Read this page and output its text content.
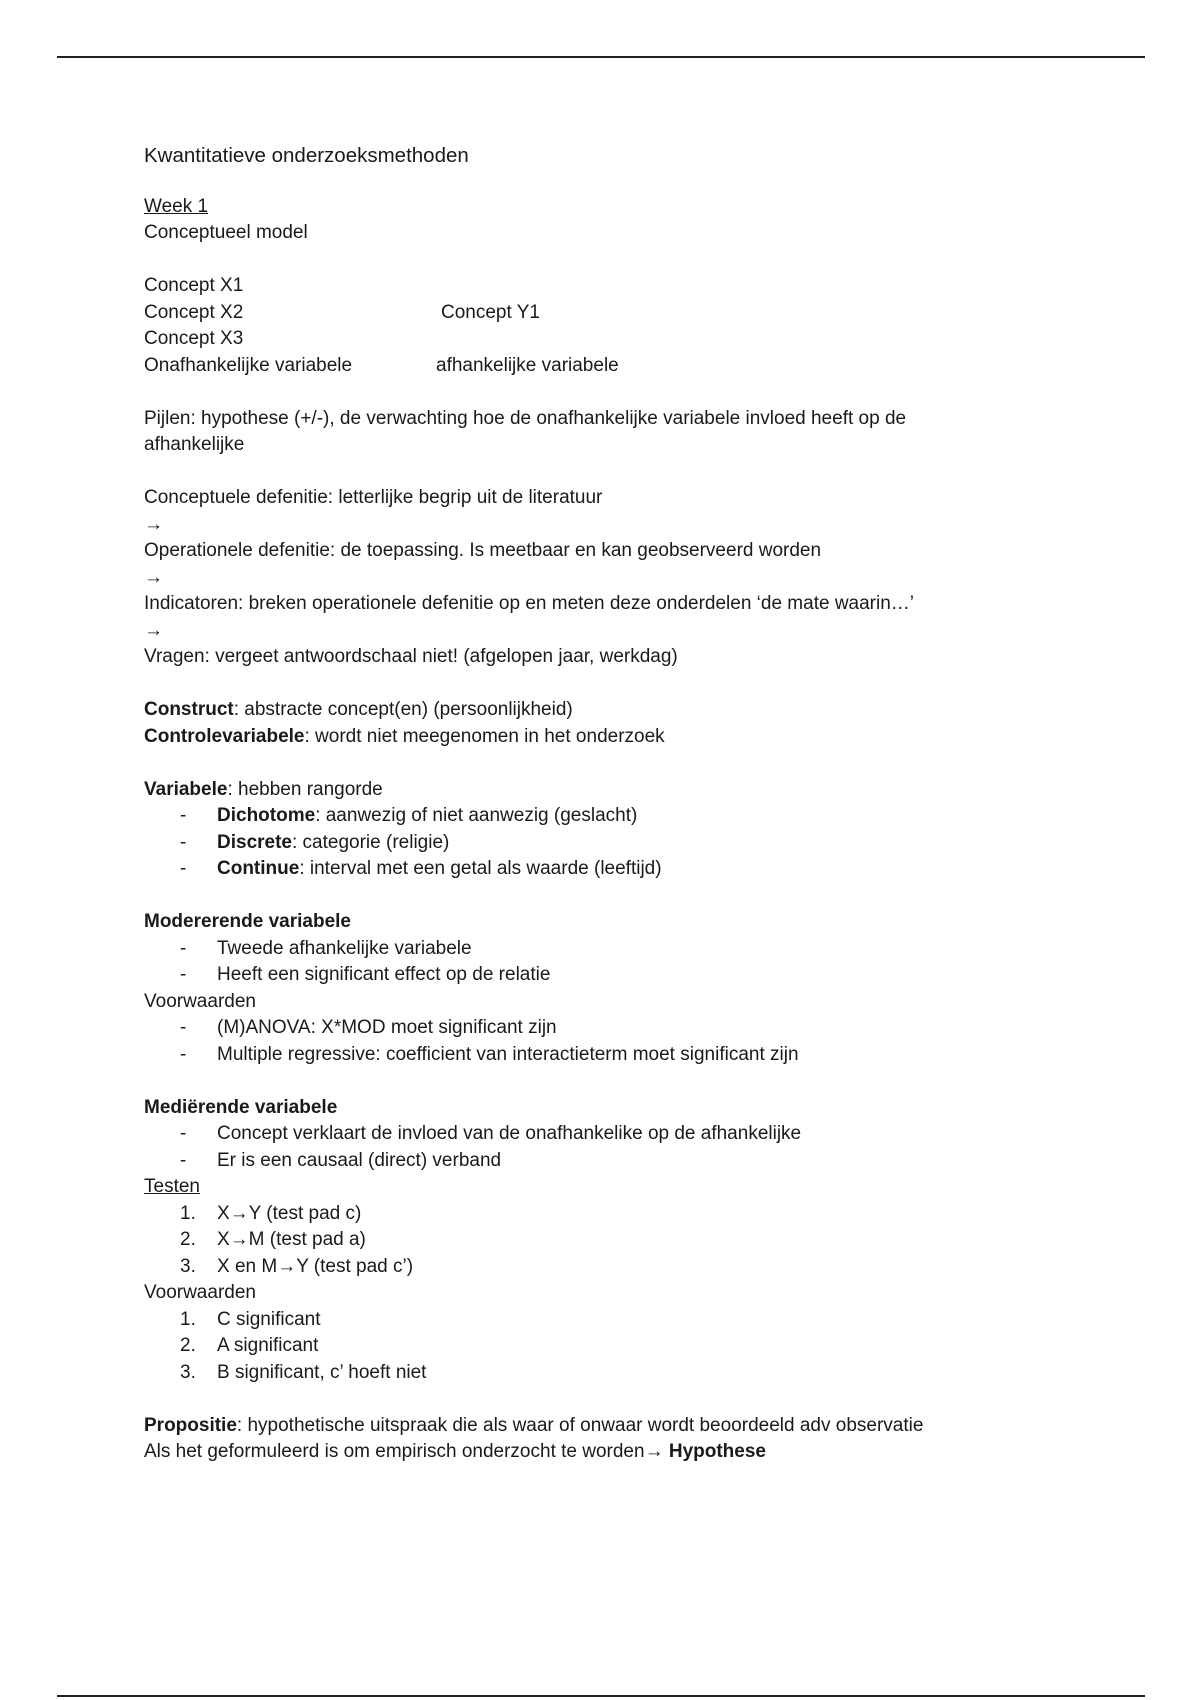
Kwantitatieve onderzoeksmethoden
Week 1
Conceptueel model
Concept X1
Concept X2	Concept Y1
Concept X3
Onafhankelijke variabele	afhankelijke variabele
Pijlen: hypothese (+/-), de verwachting hoe de onafhankelijke variabele invloed heeft op de afhankelijke
Conceptuele defenitie: letterlijke begrip uit de literatuur
→
Operationele defenitie: de toepassing. Is meetbaar en kan geobserveerd worden
→
Indicatoren: breken operationele defenitie op en meten deze onderdelen ‘de mate waarin…’
→
Vragen: vergeet antwoordschaal niet! (afgelopen jaar, werkdag)
Construct: abstracte concept(en) (persoonlijkheid)
Controlevariabele: wordt niet meegenomen in het onderzoek
Variabele: hebben rangorde
-	Dichotome: aanwezig of niet aanwezig (geslacht)
-	Discrete: categorie (religie)
-	Continue: interval met een getal als waarde (leeftijd)
Modererende variabele
-	Tweede afhankelijke variabele
-	Heeft een significant effect op de relatie
Voorwaarden
-	(M)ANOVA: X*MOD moet significant zijn
-	Multiple regressive: coefficient van interactieterm moet significant zijn
Mediërende variabele
-	Concept verklaart de invloed van de onafhankelike op de afhankelijke
-	Er is een causaal (direct) verband
Testen
1.	X→Y (test pad c)
2.	X→M (test pad a)
3.	X en M→Y (test pad c’)
Voorwaarden
1.	C significant
2.	A significant
3.	B significant, c’ hoeft niet
Propositie: hypothetische uitspraak die als waar of onwaar wordt beoordeeld adv observatie
Als het geformuleerd is om empirisch onderzocht te worden→ Hypothese
